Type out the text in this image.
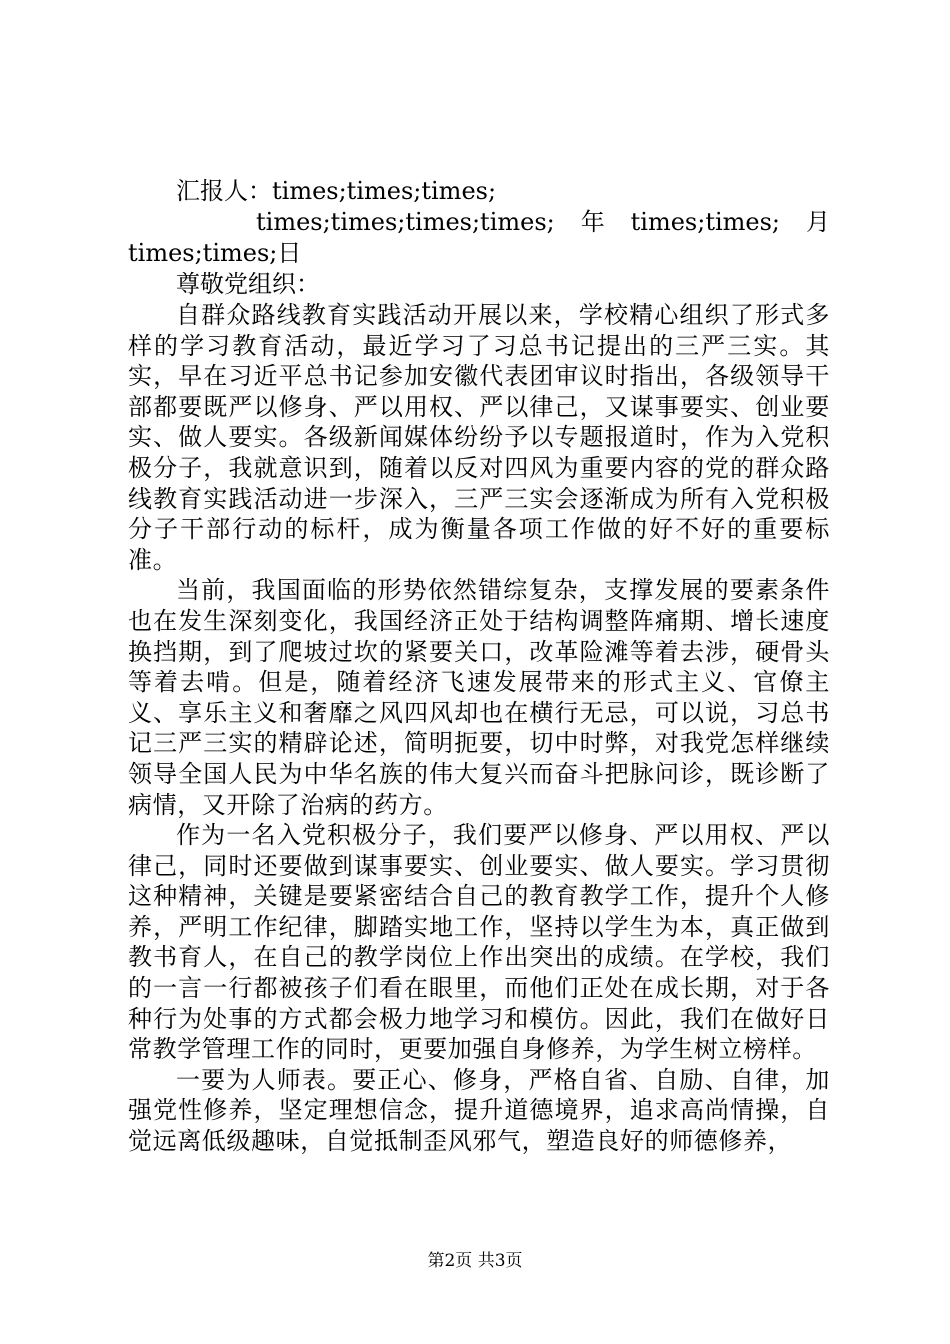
汇报人：times;times;times;

times;times;times;times; 年 times;times; 月

times;times;日

尊敬党组织：

自群众路线教育实践活动开展以来，学校精心组织了形式多样的学习教育活动，最近学习了习总书记提出的三严三实。其实，早在习近平总书记参加安徽代表团审议时指出，各级领导干部都要既严以修身、严以用权、严以律己，又谋事要实、创业要实、做人要实。各级新闻媒体纷纷予以专题报道时，作为入党积极分子，我就意识到，随着以反对四风为重要内容的党的群众路线教育实践活动进一步深入，三严三实会逐渐成为所有入党积极分子干部行动的标杆，成为衡量各项工作做的好不好的重要标准。

当前，我国面临的形势依然错综复杂，支撑发展的要素条件也在发生深刻变化，我国经济正处于结构调整阵痛期、增长速度换挡期，到了爬坡过坎的紧要关口，改革险滩等着去涉，硬骨头等着去啃。但是，随着经济飞速发展带来的形式主义、官僚主义、享乐主义和奢靡之风四风却也在横行无忌，可以说，习总书记三严三实的精辟论述，简明扼要，切中时弊，对我党怎样继续领导全国人民为中华名族的伟大复兴而奋斗把脉问诊，既诊断了病情，又开除了治病的药方。

作为一名入党积极分子，我们要严以修身、严以用权、严以律己，同时还要做到谋事要实、创业要实、做人要实。学习贯彻这种精神，关键是要紧密结合自己的教育教学工作，提升个人修养，严明工作纪律，脚踏实地工作，坚持以学生为本，真正做到教书育人，在自己的教学岗位上作出突出的成绩。在学校，我们的一言一行都被孩子们看在眼里，而他们正处在成长期，对于各种行为处事的方式都会极力地学习和模仿。因此，我们在做好日常教学管理工作的同时，更要加强自身修养，为学生树立榜样。

一要为人师表。要正心、修身，严格自省、自励、自律，加强党性修养，坚定理想信念，提升道德境界，追求高尚情操，自觉远离低级趣味，自觉抵制歪风邪气，塑造良好的师德修养，

第2页 共3页
